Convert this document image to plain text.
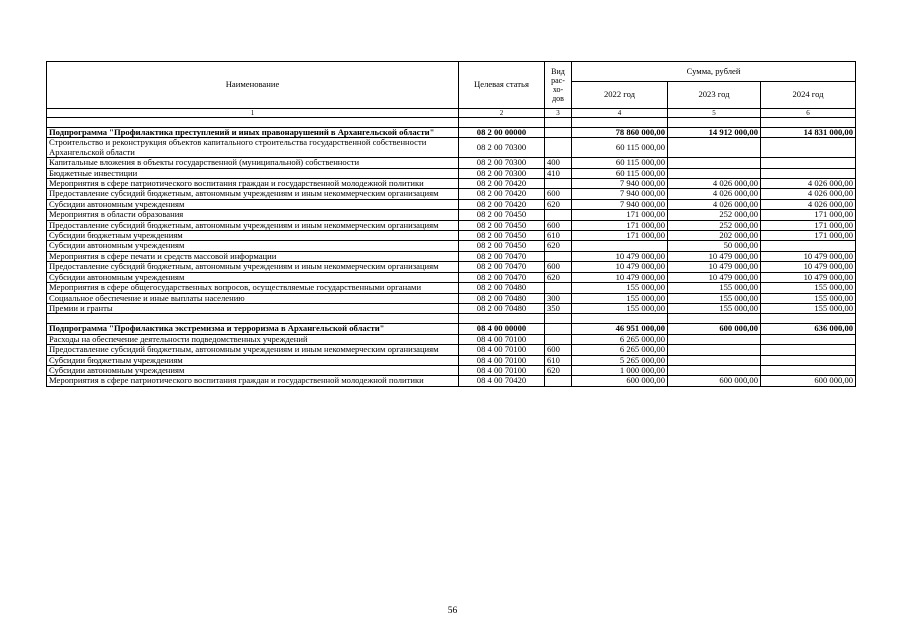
Наименование	Целевая статья	Вид рас- хо- дов	Сумма, рублей		
			2022 год	2023 год	2024 год
1	2	3	4	5	6

Подпрограмма "Профилактика преступлений и иных правонарушений в Архангельской области"	08 2 00 00000		78 860 000,00	14 912 000,00	14 831 000,00
Строительство и реконструкция объектов капитального строительства государственной собственности Архангельской области	08 2 00 70300		60 115 000,00		
Капитальные вложения в объекты государственной (муниципальной) собственности	08 2 00 70300	400	60 115 000,00		
Бюджетные инвестиции	08 2 00 70300	410	60 115 000,00		
Мероприятия в сфере патриотического воспитания граждан и государственной молодежной политики	08 2 00 70420		7 940 000,00	4 026 000,00	4 026 000,00
Предоставление субсидий бюджетным, автономным учреждениям и иным некоммерческим организациям	08 2 00 70420	600	7 940 000,00	4 026 000,00	4 026 000,00
Субсидии автономным учреждениям	08 2 00 70420	620	7 940 000,00	4 026 000,00	4 026 000,00
Мероприятия в области образования	08 2 00 70450		171 000,00	252 000,00	171 000,00
Предоставление субсидий бюджетным, автономным учреждениям и иным некоммерческим организациям	08 2 00 70450	600	171 000,00	252 000,00	171 000,00
Субсидии бюджетным учреждениям	08 2 00 70450	610	171 000,00	202 000,00	171 000,00
Субсидии автономным учреждениям	08 2 00 70450	620		50 000,00	
Мероприятия в сфере печати и средств массовой информации	08 2 00 70470		10 479 000,00	10 479 000,00	10 479 000,00
Предоставление субсидий бюджетным, автономным учреждениям и иным некоммерческим организациям	08 2 00 70470	600	10 479 000,00	10 479 000,00	10 479 000,00
Субсидии автономным учреждениям	08 2 00 70470	620	10 479 000,00	10 479 000,00	10 479 000,00
Мероприятия в сфере общегосударственных вопросов, осуществляемые государственными органами	08 2 00 70480		155 000,00	155 000,00	155 000,00
Социальное обеспечение и иные выплаты населению	08 2 00 70480	300	155 000,00	155 000,00	155 000,00
Премии и гранты	08 2 00 70480	350	155 000,00	155 000,00	155 000,00

Подпрограмма "Профилактика экстремизма и терроризма в Архангельской области"	08 4 00 00000		46 951 000,00	600 000,00	636 000,00
Расходы на обеспечение деятельности подведомственных учреждений	08 4 00 70100		6 265 000,00		
Предоставление субсидий бюджетным, автономным учреждениям и иным некоммерческим организациям	08 4 00 70100	600	6 265 000,00		
Субсидии бюджетным учреждениям	08 4 00 70100	610	5 265 000,00		
Субсидии автономным учреждениям	08 4 00 70100	620	1 000 000,00		
Мероприятия в сфере патриотического воспитания граждан и государственной молодежной политики	08 4 00 70420		600 000,00	600 000,00	600 000,00
56
